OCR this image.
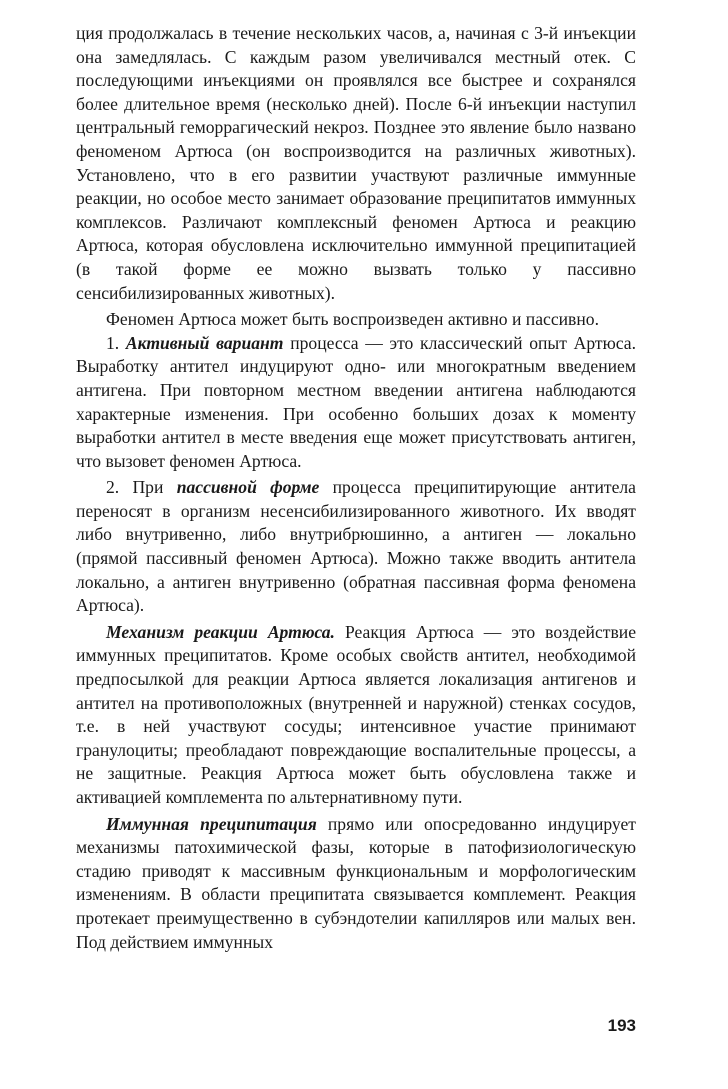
ция продолжалась в течение нескольких часов, а, начиная с 3-й инъекции она замедлялась. С каждым разом увеличивался местный отек. С последующими инъекциями он проявлялся все быстрее и сохранялся более длительное время (несколько дней). После 6-й инъекции наступил центральный геморрагический некроз. Позднее это явление было названо феноменом Артюса (он воспроизводится на различных животных). Установлено, что в его развитии участвуют различные иммунные реакции, но особое место занимает образование преципитатов иммунных комплексов. Различают комплексный феномен Артюса и реакцию Артюса, которая обусловлена исключительно иммунной преципитацией (в такой форме ее можно вызвать только у пассивно сенсибилизированных животных).

Феномен Артюса может быть воспроизведен активно и пассивно.

1. Активный вариант процесса — это классический опыт Артюса. Выработку антител индуцируют одно- или многократным введением антигена. При повторном местном введении антигена наблюдаются характерные изменения. При особенно больших дозах к моменту выработки антител в месте введения еще может присутствовать антиген, что вызовет феномен Артюса.

2. При пассивной форме процесса преципитирующие антитела переносят в организм несенсибилизированного животного. Их вводят либо внутривенно, либо внутрибрюшинно, а антиген — локально (прямой пассивный феномен Артюса). Можно также вводить антитела локально, а антиген внутривенно (обратная пассивная форма феномена Артюса).

Механизм реакции Артюса. Реакция Артюса — это воздействие иммунных преципитатов. Кроме особых свойств антител, необходимой предпосылкой для реакции Артюса является локализация антигенов и антител на противоположных (внутренней и наружной) стенках сосудов, т.е. в ней участвуют сосуды; интенсивное участие принимают гранулоциты; преобладают повреждающие воспалительные процессы, а не защитные. Реакция Артюса может быть обусловлена также и активацией комплемента по альтернативному пути.

Иммунная преципитация прямо или опосредованно индуцирует механизмы патохимической фазы, которые в патофизиологическую стадию приводят к массивным функциональным и морфологическим изменениям. В области преципитата связывается комплемент. Реакция протекает преимущественно в субэндотелии капилляров или малых вен. Под действием иммунных

193
